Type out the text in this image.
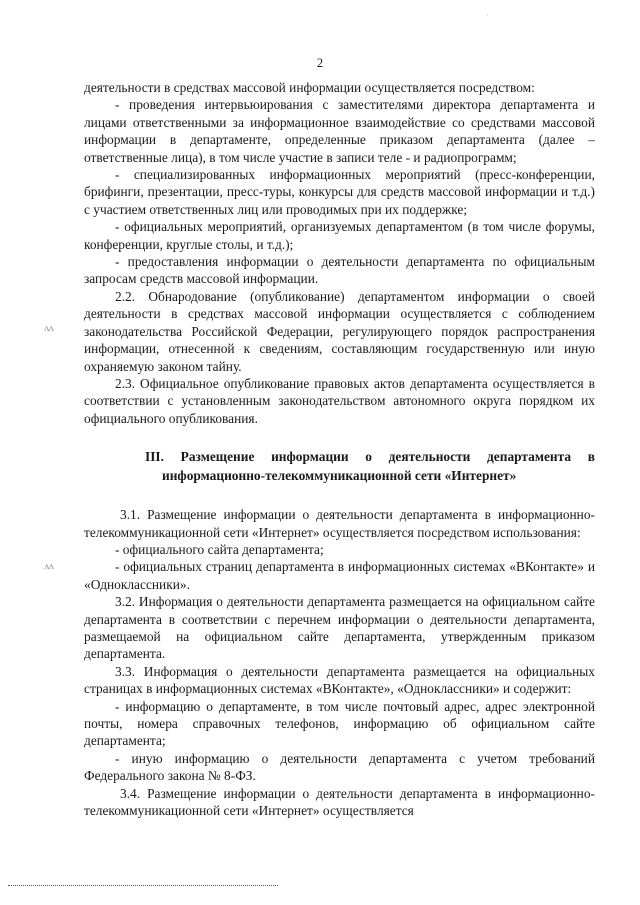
·
2

деятельности в средствах массовой информации осуществляется посредством:

- проведения интервьюирования с заместителями директора департамента и лицами ответственными за информационное взаимодействие со средствами массовой информации в департаменте, определенные приказом департамента (далее – ответственные лица), в том числе участие в записи теле - и радиопрограмм;

- специализированных информационных мероприятий (пресс-конференции, брифинги, презентации, пресс-туры, конкурсы для средств массовой информации и т.д.) с участием ответственных лиц или проводимых при их поддержке;

- официальных мероприятий, организуемых департаментом (в том числе форумы, конференции, круглые столы, и т.д.);

- предоставления информации о деятельности департамента по официальным запросам средств массовой информации.

2.2. Обнародование (опубликование) департаментом информации о своей деятельности в средствах массовой информации осуществляется с соблюдением законодательства Российской Федерации, регулирующего порядок распространения информации, отнесенной к сведениям, составляющим государственную или иную охраняемую законом тайну.

2.3. Официальное опубликование правовых актов департамента осуществляется в соответствии с установленным законодательством автономного округа порядком их официального опубликования.

III. Размещение информации о деятельности департамента в информационно-телекоммуникационной сети «Интернет»

3.1. Размещение информации о деятельности департамента в информационно-телекоммуникационной сети «Интернет» осуществляется посредством использования:

- официального сайта департамента;

- официальных страниц департамента в информационных системах «ВКонтакте» и «Одноклассники».

3.2. Информация о деятельности департамента размещается на официальном сайте департамента в соответствии с перечнем информации о деятельности департамента, размещаемой на официальном сайте департамента, утвержденным приказом департамента.

3.3. Информация о деятельности департамента размещается на официальных страницах в информационных системах «ВКонтакте», «Одноклассники» и содержит:

- информацию о департаменте, в том числе почтовый адрес, адрес электронной почты, номера справочных телефонов, информацию об официальном сайте департамента;

- иную информацию о деятельности департамента с учетом требований Федерального закона № 8-ФЗ.

3.4. Размещение информации о деятельности департамента в информационно-телекоммуникационной сети «Интернет» осуществляется

ʌʌ
ʌʌ
